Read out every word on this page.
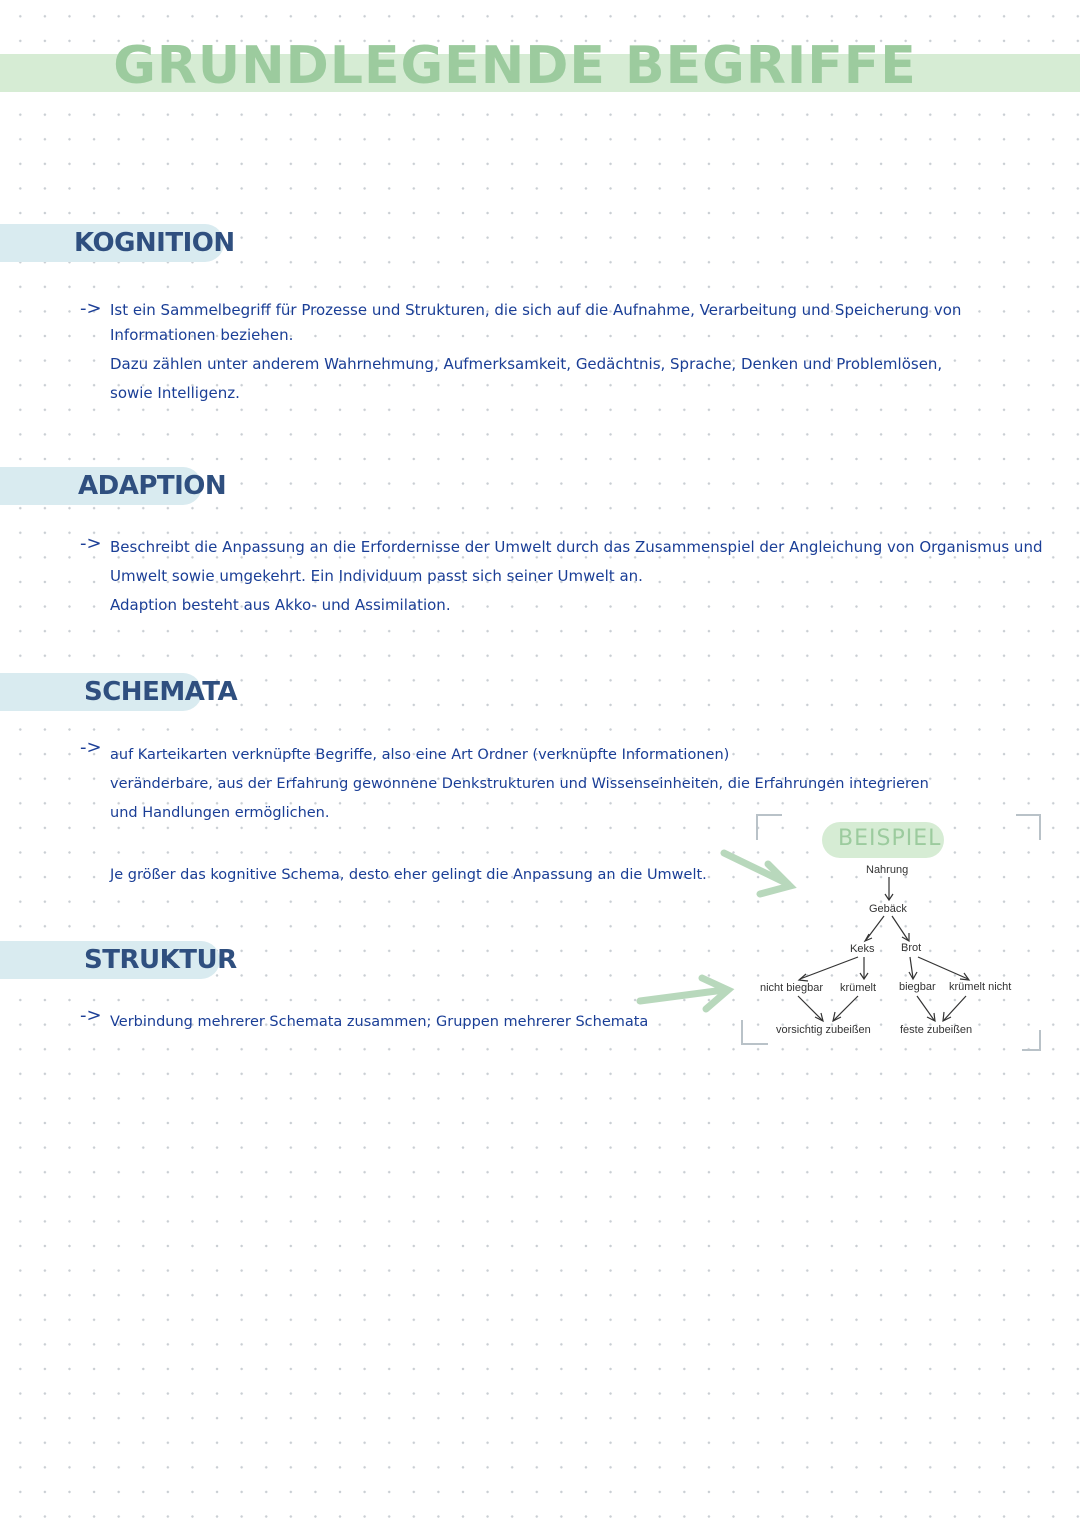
GRUNDLEGENDE BEGRIFFE
KOGNITION
-> Ist ein Sammelbegriff für Prozesse und Strukturen, die sich auf die Aufnahme, Verarbeitung und Speicherung von

Informationen beziehen.

Dazu zählen unter anderem Wahrnehmung, Aufmerksamkeit, Gedächtnis, Sprache, Denken und Problemlösen,

sowie Intelligenz.

ADAPTION
-> Beschreibt die Anpassung an die Erfordernisse der Umwelt durch das Zusammenspiel der Angleichung von Organismus und

Umwelt sowie umgekehrt. Ein Individuum passt sich seiner Umwelt an.

Adaption besteht aus Akko- und Assimilation.

SCHEMATA
-> auf Karteikarten verknüpfte Begriffe, also eine Art Ordner (verknüpfte Informationen)

veränderbare, aus der Erfahrung gewonnene Denkstrukturen und Wissenseinheiten, die Erfahrungen integrieren

und Handlungen ermöglichen.

Je größer das kognitive Schema, desto eher gelingt die Anpassung an die Umwelt.

STRUKTUR
-> Verbindung mehrerer Schemata zusammen; Gruppen mehrerer Schemata

BEISPIEL
Nahrung
Gebäck
Keks Brot
nicht biegbar krümelt biegbar krümelt nicht
vorsichtig zubeißen	feste zubeißen
